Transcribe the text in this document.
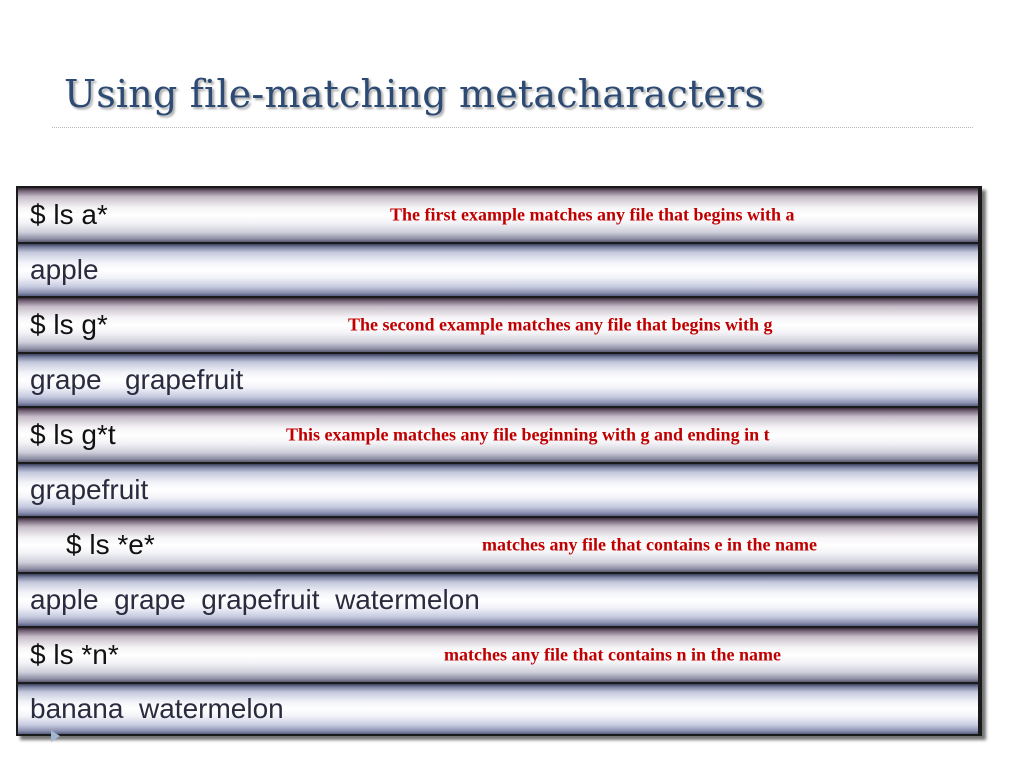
Using file-matching metacharacters
$ ls a*	The first example matches any file that begins with a
apple
$ ls g*	The second example matches any file that begins with g
grape   grapefruit
$ ls g*t	This example matches any file beginning with g and ending in t
grapefruit
$ ls *e*	matches any file that contains e in the name
apple  grape  grapefruit  watermelon
$ ls *n*	matches any file that contains n in the name
banana  watermelon
